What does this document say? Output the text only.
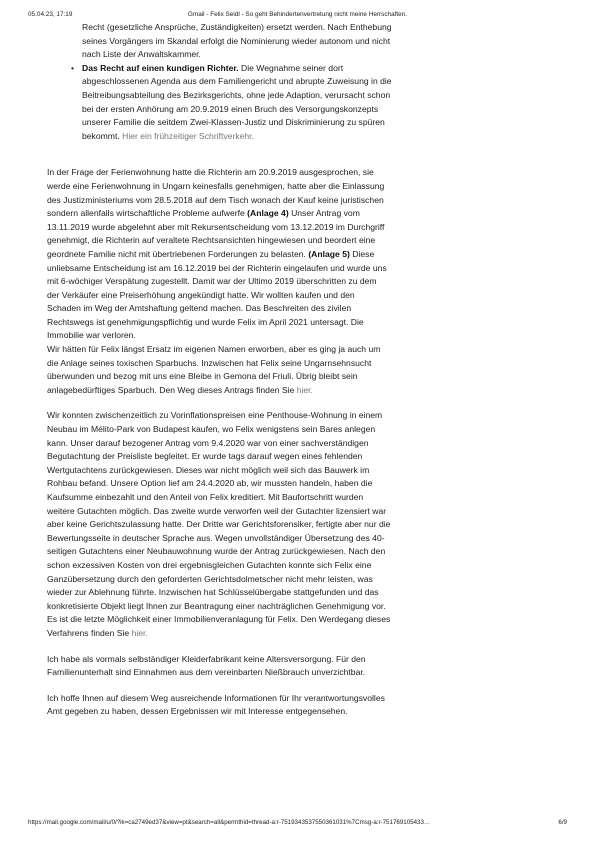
05.04.23, 17:19	Gmail - Felix Seidl - So geht Behindertenvertretung nicht meine Herrschaften.

Recht (gesetzliche Ansprüche, Zuständigkeiten) ersetzt werden. Nach Enthebung

seines Vorgängers im Skandal erfolgt die Nominierung wieder autonom und nicht

nach Liste der Anwaltskammer.

• Das Recht auf einen kundigen Richter. Die Wegnahme seiner dort

abgeschlossenen Agenda aus dem Familiengericht und abrupte Zuweisung in die

Beitreibungsabteilung des Bezirksgerichts, ohne jede Adaption, verursacht schon

bei der ersten Anhörung am 20.9.2019 einen Bruch des Versorgungskonzepts

unserer Familie die seitdem Zwei-Klassen-Justiz und Diskriminierung zu spüren

bekommt. Hier ein frühzeitiger Schriftverkehr.

In der Frage der Ferienwohnung hatte die Richterin am 20.9.2019 ausgesprochen, sie

werde eine Ferienwohnung in Ungarn keinesfalls genehmigen, hatte aber die Einlassung

des Justizministeriums vom 28.5.2018 auf dem Tisch wonach der Kauf keine juristischen

sondern allenfalls wirtschaftliche Probleme aufwerfe (Anlage 4) Unser Antrag vom

13.11.2019 wurde abgelehnt aber mit Rekursentscheidung vom 13.12.2019 im Durchgriff

genehmigt, die Richterin auf veraltete Rechtsansichten hingewiesen und beordert eine

geordnete Familie nicht mit übertriebenen Forderungen zu belasten. (Anlage 5) Diese

unliebsame Entscheidung ist am 16.12.2019 bei der Richterin eingelaufen und wurde uns

mit 6-wöchiger Verspätung zugestellt. Damit war der Ultimo 2019 überschritten zu dem

der Verkäufer eine Preiserhöhung angekündigt hatte. Wir wollten kaufen und den

Schaden im Weg der Amtshaftung geltend machen. Das Beschreiten des zivilen

Rechtswegs ist genehmigungspflichtig und wurde Felix im April 2021 untersagt. Die

Immobilie war verloren.

Wir hätten für Felix längst Ersatz im eigenen Namen erworben, aber es ging ja auch um

die Anlage seines toxischen Sparbuchs. Inzwischen hat Felix seine Ungarnsehnsucht

überwunden und bezog mit uns eine Bleibe in Gemona del Friuli. Übrig bleibt sein

anlagebedürftiges Sparbuch. Den Weg dieses Antrags finden Sie hier.

Wir konnten zwischenzeitlich zu Vorinflationspreisen eine Penthouse-Wohnung in einem

Neubau im Mélito-Park von Budapest kaufen, wo Felix wenigstens sein Bares anlegen

kann. Unser darauf bezogener Antrag vom 9.4.2020 war von einer sachverständigen

Begutachtung der Preisliste begleitet. Er wurde tags darauf wegen eines fehlenden

Wertgutachtens zurückgewiesen. Dieses war nicht möglich weil sich das Bauwerk im

Rohbau befand. Unsere Option lief am 24.4.2020 ab, wir mussten handeln, haben die

Kaufsumme einbezahlt und den Anteil von Felix kreditiert. Mit Baufortschritt wurden

weitere Gutachten möglich. Das zweite wurde verworfen weil der Gutachter lizensiert war

aber keine Gerichtszulassung hatte. Der Dritte war Gerichtsforensiker, fertigte aber nur die

Bewertungsseite in deutscher Sprache aus. Wegen unvollständiger Übersetzung des 40-

seitigen Gutachtens einer Neubauwohnung wurde der Antrag zurückgewiesen. Nach den

schon exzessiven Kosten von drei ergebnisgleichen Gutachten konnte sich Felix eine

Ganzübersetzung durch den geforderten Gerichtsdolmetscher nicht mehr leisten, was

wieder zur Ablehnung führte. Inzwischen hat Schlüsselübergabe stattgefunden und das

konkretisierte Objekt liegt Ihnen zur Beantragung einer nachträglichen Genehmigung vor.

Es ist die letzte Möglichkeit einer Immobilienveranlagung für Felix. Den Werdegang dieses

Verfahrens finden Sie hier.

Ich habe als vormals selbständiger Kleiderfabrikant keine Altersversorgung. Für den

Familienunterhalt sind Einnahmen aus dem vereinbarten Nießbrauch unverzichtbar.

Ich hoffe Ihnen auf diesem Weg ausreichende Informationen für Ihr verantwortungsvolles

Amt gegeben zu haben, dessen Ergebnissen wir mit Interesse entgegensehen.

https://mail.google.com/mail/u/0/?ik=ca2749ed37&view=pt&search=all&permthid=thread-a:r-7519343537550361031%7Cmsg-a:r-751769105433…	6/9
